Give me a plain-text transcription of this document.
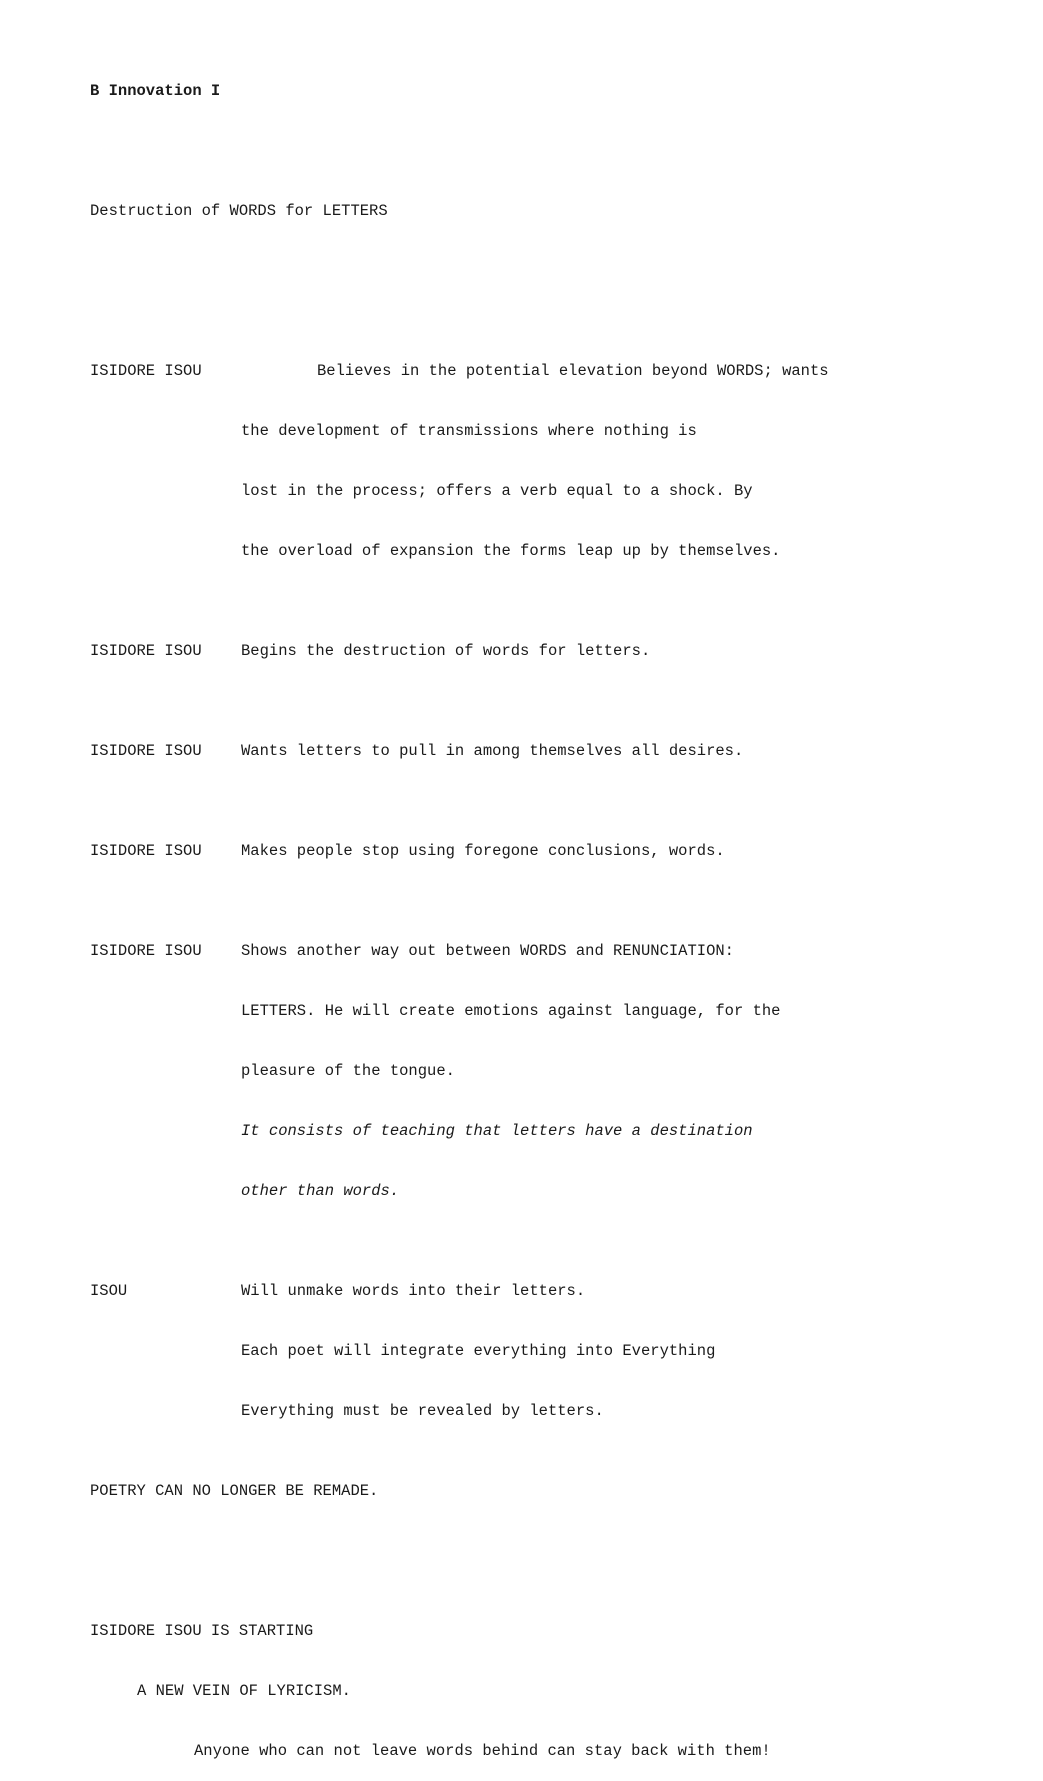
B Innovation I

Destruction of WORDS for LETTERS

ISIDORE ISOU	Believes in the potential elevation beyond WORDS; wants

the development of transmissions where nothing is

lost in the process; offers a verb equal to a shock. By

the overload of expansion the forms leap up by themselves.

ISIDORE ISOU	Begins the destruction of words for letters.

ISIDORE ISOU	Wants letters to pull in among themselves all desires.

ISIDORE ISOU	Makes people stop using foregone conclusions, words.

ISIDORE ISOU	Shows another way out between WORDS and RENUNCIATION:

LETTERS. He will create emotions against language, for the

pleasure of the tongue.

It consists of teaching that letters have a destination

other than words.

ISOU	Will unmake words into their letters.

Each poet will integrate everything into Everything

Everything must be revealed by letters.

POETRY CAN NO LONGER BE REMADE.

ISIDORE ISOU IS STARTING

A NEW VEIN OF LYRICISM.

Anyone who can not leave words behind can stay back with them!
